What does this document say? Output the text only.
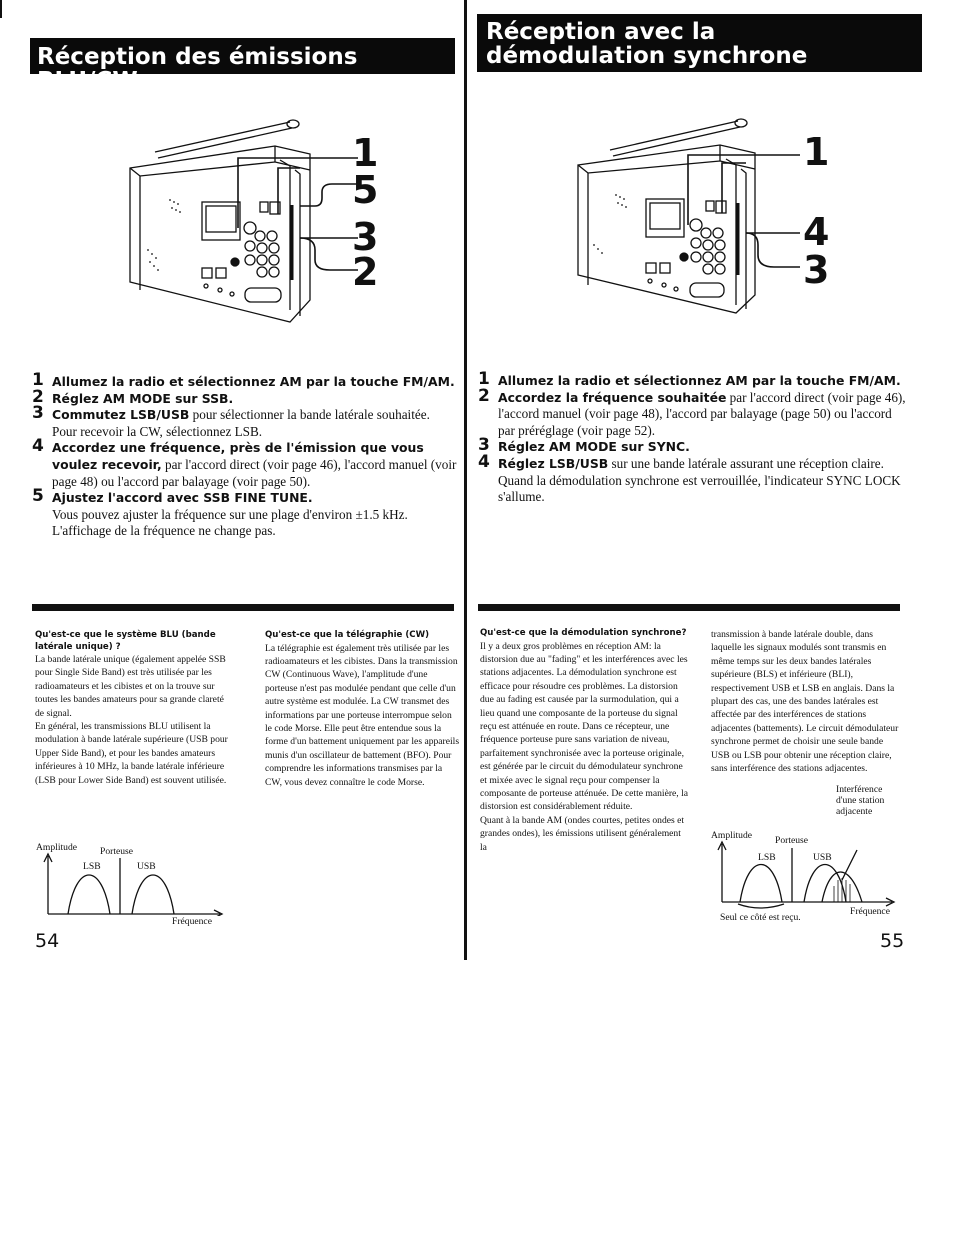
Réception des émissions BLU/CW
1
5
3
2
1 Allumez la radio et sélectionnez AM par la touche FM/AM.

2 Réglez AM MODE sur SSB.

3 Commutez LSB/USB pour sélectionner la bande latérale souhaitée. Pour recevoir la CW, sélectionnez LSB.

4 Accordez une fréquence, près de l'émission que vous voulez recevoir, par l'accord direct (voir page 46), l'accord manuel (voir page 48) ou l'accord par balayage (voir page 50).

5 Ajustez l'accord avec SSB FINE TUNE.

Vous pouvez ajuster la fréquence sur une plage d'environ ±1.5 kHz. L'affichage de la fréquence ne change pas.

Qu'est-ce que le système BLU (bande latérale unique) ?

La bande latérale unique (également appelée SSB pour Single Side Band) est très utilisée par les radioamateurs et les cibistes et on la trouve sur toutes les bandes amateurs pour sa grande clareté de signal.

En général, les transmissions BLU utilisent la modulation à bande latérale supérieure (USB pour Upper Side Band), et pour les bandes amateurs inférieures à 10 MHz, la bande latérale inférieure (LSB pour Lower Side Band) est souvent utilisée.

Qu'est-ce que la télégraphie (CW)

La télégraphie est également très utilisée par les radioamateurs et les cibistes. Dans la transmission CW (Continuous Wave), l'amplitude d'une porteuse n'est pas modulée pendant que celle d'un autre système est modulée. La CW transmet des informations par une porteuse interrompue selon le code Morse. Elle peut être entendue sous la forme d'un battement uniquement par les appareils munis d'un oscillateur de battement (BFO). Pour comprendre les informations transmises par la CW, vous devez connaître le code Morse.

Amplitude Porteuse
LSB	USB
Fréquence
54
Réception avec la
démodulation synchrone
1
4
3
1 Allumez la radio et sélectionnez AM par la touche FM/AM.

2 Accordez la fréquence souhaitée par l'accord direct (voir page 46), l'accord manuel (voir page 48), l'accord par balayage (page 50) ou l'accord par préréglage (voir page 52).

3 Réglez AM MODE sur SYNC.

4 Réglez LSB/USB sur une bande latérale assurant une réception claire.

Quand la démodulation synchrone est verrouillée, l'indicateur SYNC LOCK s'allume.

Qu'est-ce que la démodulation synchrone?

Il y a deux gros problèmes en réception AM: la distorsion due au "fading" et les interférences avec les stations adjacentes. La démodulation synchrone est efficace pour résoudre ces problèmes. La distorsion due au fading est causée par la surmodulation, qui a lieu quand une composante de la porteuse du signal reçu est atténuée en route. Dans ce récepteur, une fréquence porteuse pure sans variation de niveau, parfaitement synchronisée avec la porteuse originale, est générée par le circuit du démodulateur synchrone et mixée avec le signal reçu pour compenser la composante de porteuse atténuée. De cette manière, la distorsion est considérablement réduite.

Quant à la bande AM (ondes courtes, petites ondes et grandes ondes), les émissions utilisent généralement la

transmission à bande latérale double, dans laquelle les signaux modulés sont transmis en même temps sur les deux bandes latérales supérieure (BLS) et inférieure (BLI), respectivement USB et LSB en anglais. Dans la plupart des cas, une des bandes latérales est affectée par des interférences de stations adjacentes (battements). Le circuit démodulateur synchrone permet de choisir une seule bande USB ou LSB pour obtenir une réception claire, sans interférence des stations adjacentes.

Amplitude Porteuse
Interférence d'une station adjacente
LSB	USB
Fréquence
Seul ce côté est reçu.
55
